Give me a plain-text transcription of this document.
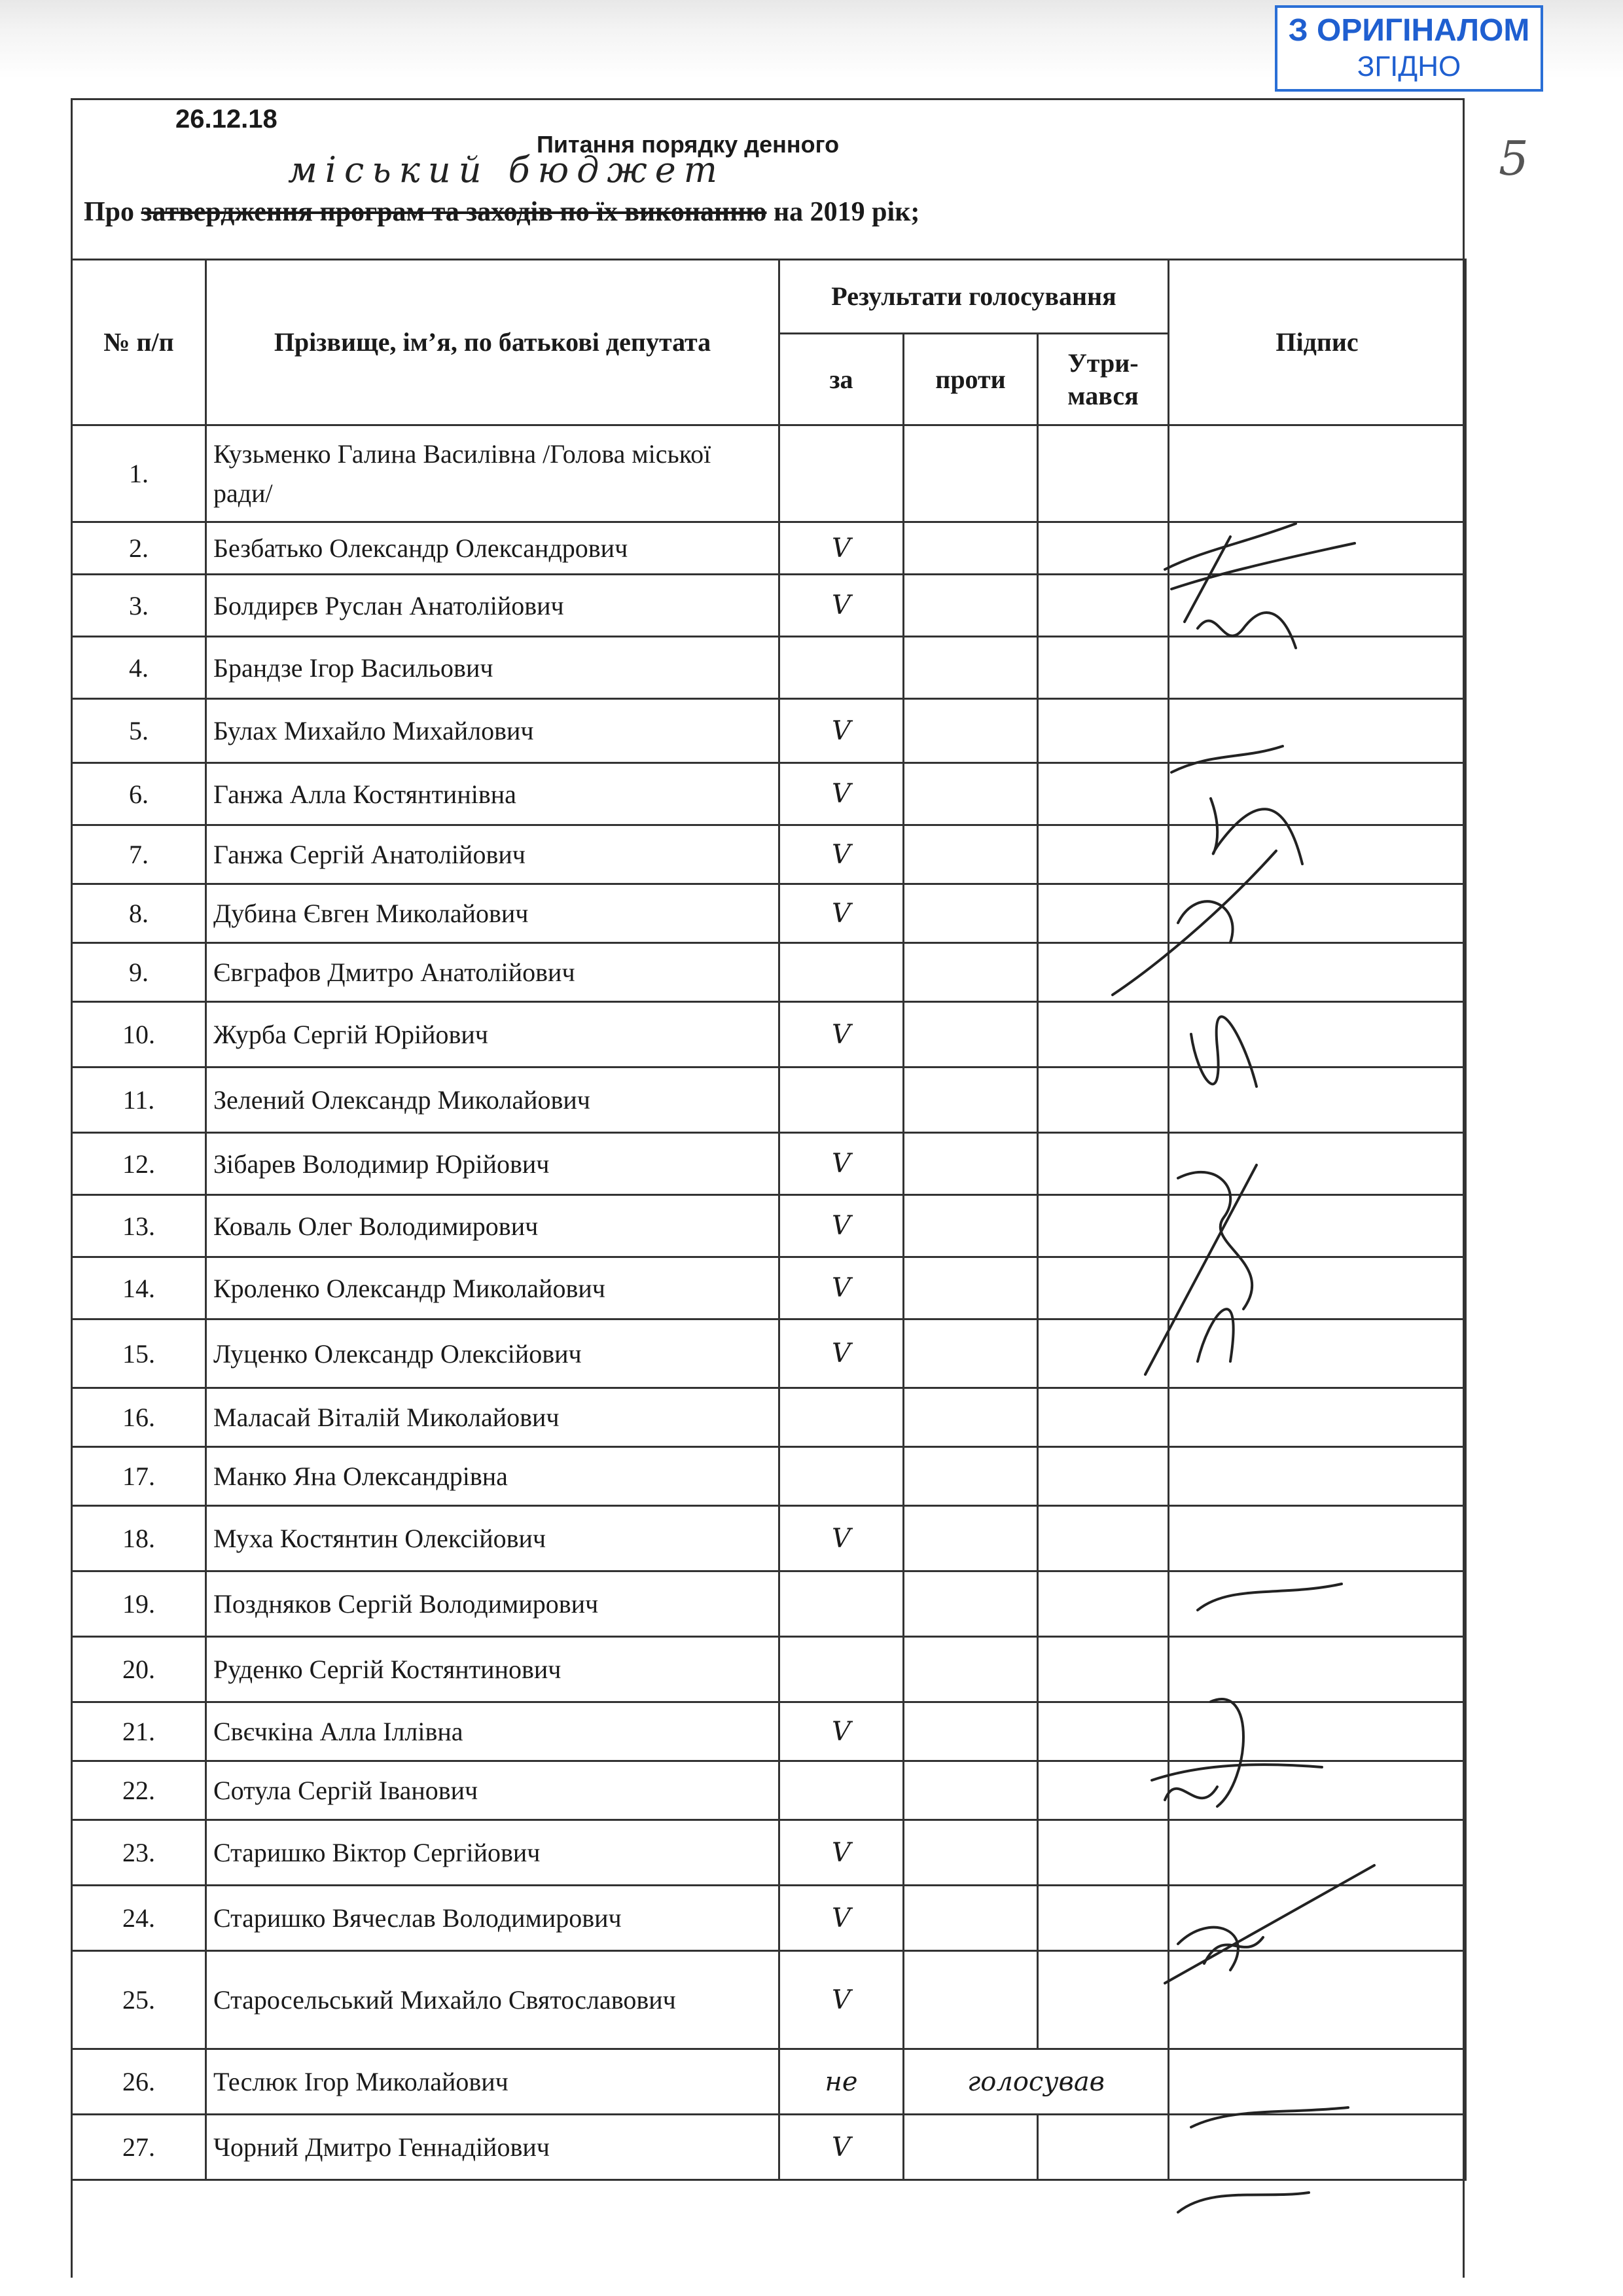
З ОРИГІНАЛОМ
ЗГІДНО
5
26.12.18
Питання порядку денного
міський бюджет
Про затвердження програм та заходів по їх виконанню на 2019 рік;
№ п/п	Прізвище, ім’я, по батькові депутата	Результати голосування			Підпис
		за	проти	Утри-мався	
1.	Кузьменко Галина Василівна /Голова міської ради/				
2.	Безбатько Олександр Олександрович	V			
3.	Болдирєв Руслан Анатолійович	V			
4.	Брандзе Ігор Васильович				
5.	Булах Михайло Михайлович	V			
6.	Ганжа Алла Костянтинівна	V			
7.	Ганжа Сергій Анатолійович	V			
8.	Дубина Євген Миколайович	V			
9.	Євграфов Дмитро Анатолійович				
10.	Журба Сергій Юрійович	V			
11.	Зелений Олександр Миколайович				
12.	Зібарев Володимир Юрійович	V			
13.	Коваль Олег Володимирович	V			
14.	Кроленко Олександр Миколайович	V			
15.	Луценко Олександр Олексійович	V			
16.	Маласай Віталій Миколайович				
17.	Манко Яна Олександрівна				
18.	Муха Костянтин Олексійович	V			
19.	Поздняков Сергій Володимирович				
20.	Руденко Сергій Костянтинович				
21.	Свєчкіна Алла Іллівна	V			
22.	Сотула Сергій Іванович				
23.	Старишко Віктор Сергійович	V			
24.	Старишко Вячеслав Володимирович	V			
25.	Старосельський Михайло Святославович	V			
26.	Теслюк Ігор Миколайович	не	голосував		
27.	Чорний Дмитро Геннадійович	V			
